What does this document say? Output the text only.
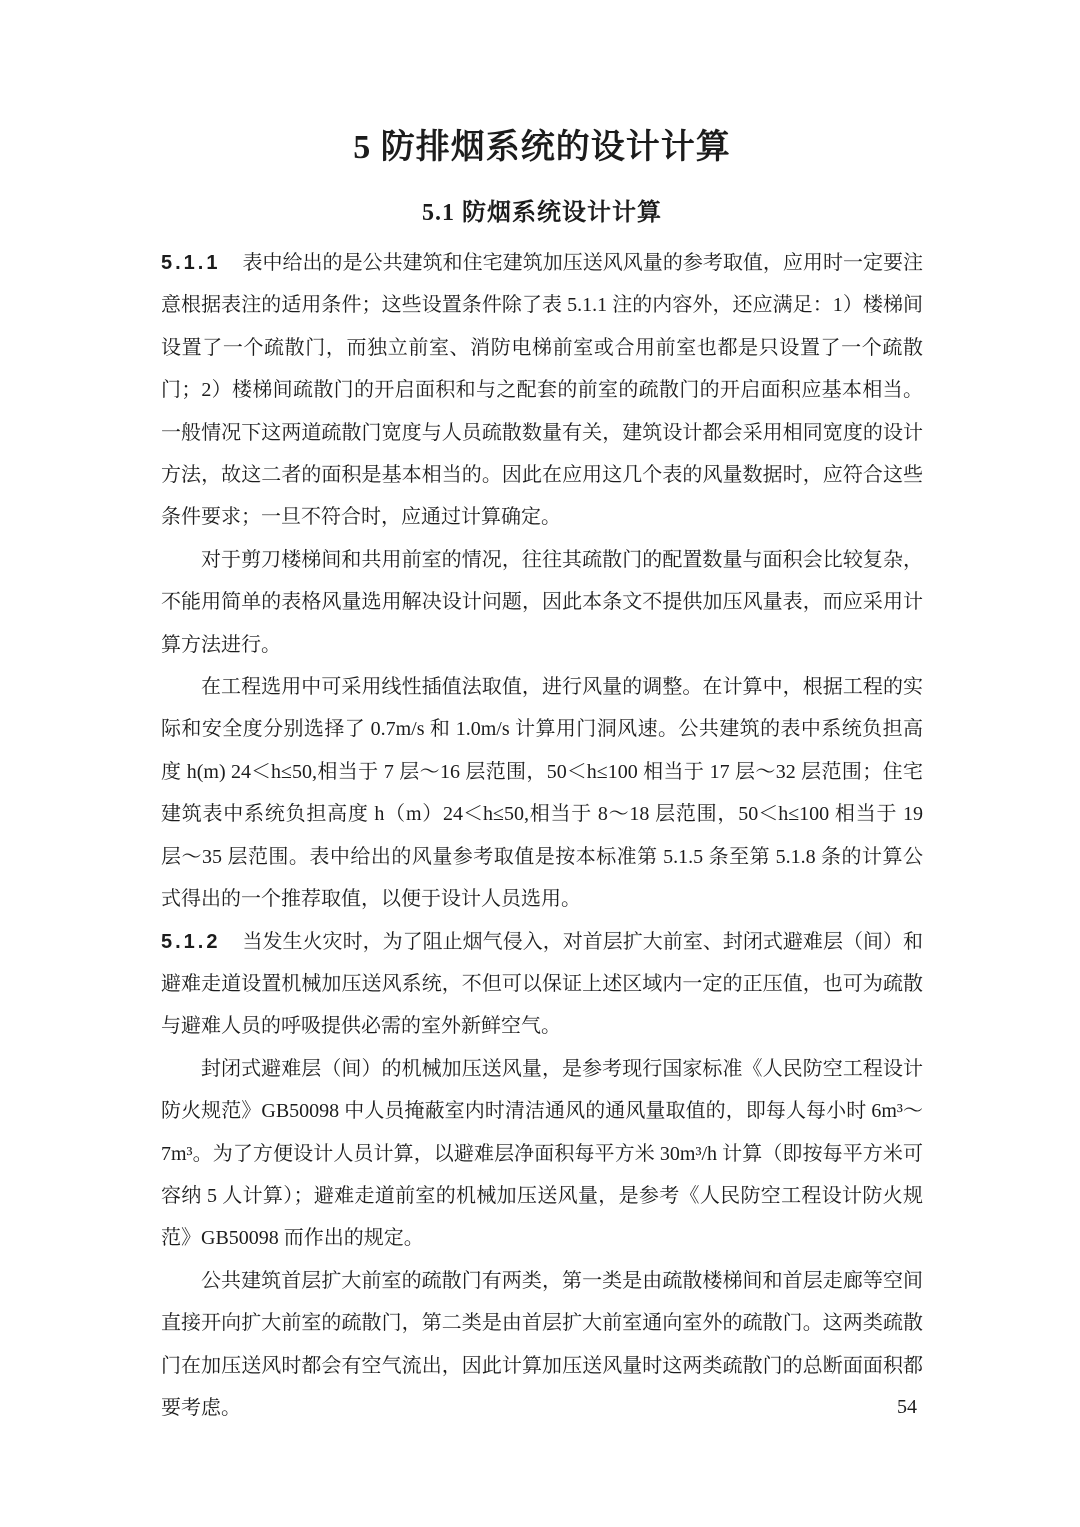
5 防排烟系统的设计计算
5.1 防烟系统设计计算

5.1.1 表中给出的是公共建筑和住宅建筑加压送风风量的参考取值，应用时一定要注意根据表注的适用条件；这些设置条件除了表 5.1.1 注的内容外，还应满足：1）楼梯间设置了一个疏散门，而独立前室、消防电梯前室或合用前室也都是只设置了一个疏散门；2）楼梯间疏散门的开启面积和与之配套的前室的疏散门的开启面积应基本相当。一般情况下这两道疏散门宽度与人员疏散数量有关，建筑设计都会采用相同宽度的设计方法，故这二者的面积是基本相当的。因此在应用这几个表的风量数据时，应符合这些条件要求；一旦不符合时，应通过计算确定。

对于剪刀楼梯间和共用前室的情况，往往其疏散门的配置数量与面积会比较复杂，不能用简单的表格风量选用解决设计问题，因此本条文不提供加压风量表，而应采用计算方法进行。

在工程选用中可采用线性插值法取值，进行风量的调整。在计算中，根据工程的实际和安全度分别选择了 0.7m/s 和 1.0m/s 计算用门洞风速。公共建筑的表中系统负担高度 h(m) 24＜h≤50,相当于 7 层～16 层范围，50＜h≤100 相当于 17 层～32 层范围；住宅建筑表中系统负担高度 h（m）24＜h≤50,相当于 8～18 层范围，50＜h≤100 相当于 19 层～35 层范围。表中给出的风量参考取值是按本标准第 5.1.5 条至第 5.1.8 条的计算公式得出的一个推荐取值，以便于设计人员选用。

5.1.2 当发生火灾时，为了阻止烟气侵入，对首层扩大前室、封闭式避难层（间）和避难走道设置机械加压送风系统，不但可以保证上述区域内一定的正压值，也可为疏散与避难人员的呼吸提供必需的室外新鲜空气。

封闭式避难层（间）的机械加压送风量，是参考现行国家标准《人民防空工程设计防火规范》GB50098 中人员掩蔽室内时清洁通风的通风量取值的，即每人每小时 6m³～7m³。为了方便设计人员计算，以避难层净面积每平方米 30m³/h 计算（即按每平方米可容纳 5 人计算）；避难走道前室的机械加压送风量，是参考《人民防空工程设计防火规范》GB50098 而作出的规定。

公共建筑首层扩大前室的疏散门有两类，第一类是由疏散楼梯间和首层走廊等空间直接开向扩大前室的疏散门，第二类是由首层扩大前室通向室外的疏散门。这两类疏散门在加压送风时都会有空气流出，因此计算加压送风量时这两类疏散门的总断面面积都要考虑。	54
